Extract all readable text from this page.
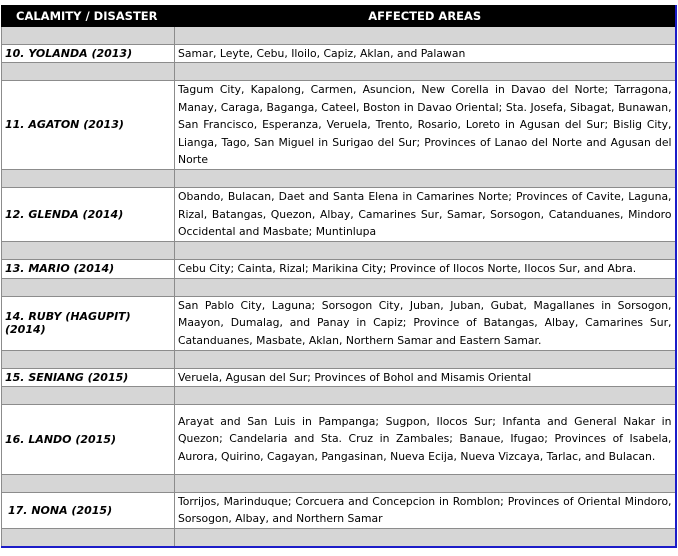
CALAMITY / DISASTER	AFFECTED AREAS

10. YOLANDA (2013)	Samar, Leyte, Cebu, Iloilo, Capiz, Aklan, and Palawan

11. AGATON (2013)	Tagum City, Kapalong, Carmen, Asuncion, New Corella in Davao del Norte; Tarragona, Manay, Caraga, Baganga, Cateel, Boston in Davao Oriental; Sta. Josefa, Sibagat, Bunawan, San Francisco, Esperanza, Veruela, Trento, Rosario, Loreto in Agusan del Sur; Bislig City, Lianga, Tago, San Miguel in Surigao del Sur; Provinces of Lanao del Norte and Agusan del Norte

12. GLENDA (2014)	Obando, Bulacan, Daet and Santa Elena in Camarines Norte; Provinces of Cavite, Laguna, Rizal, Batangas, Quezon, Albay, Camarines Sur, Samar, Sorsogon, Catanduanes, Mindoro Occidental and Masbate; Muntinlupa

13. MARIO (2014)	Cebu City; Cainta, Rizal; Marikina City; Province of Ilocos Norte, Ilocos Sur, and Abra.

14. RUBY (HAGUPIT) (2014)	San Pablo City, Laguna; Sorsogon City, Juban, Juban, Gubat, Magallanes in Sorsogon, Maayon, Dumalag, and Panay in Capiz; Province of Batangas, Albay, Camarines Sur, Catanduanes, Masbate, Aklan, Northern Samar and Eastern Samar.

15. SENIANG (2015)	Veruela, Agusan del Sur; Provinces of Bohol and Misamis Oriental

16. LANDO (2015)	Arayat and San Luis in Pampanga; Sugpon, Ilocos Sur; Infanta and General Nakar in Quezon; Candelaria and Sta. Cruz in Zambales; Banaue, Ifugao; Provinces of Isabela, Aurora, Quirino, Cagayan, Pangasinan, Nueva Ecija, Nueva Vizcaya, Tarlac, and Bulacan.

17. NONA (2015)	Torrijos, Marinduque; Corcuera and Concepcion in Romblon; Provinces of Oriental Mindoro, Sorsogon, Albay, and Northern Samar
